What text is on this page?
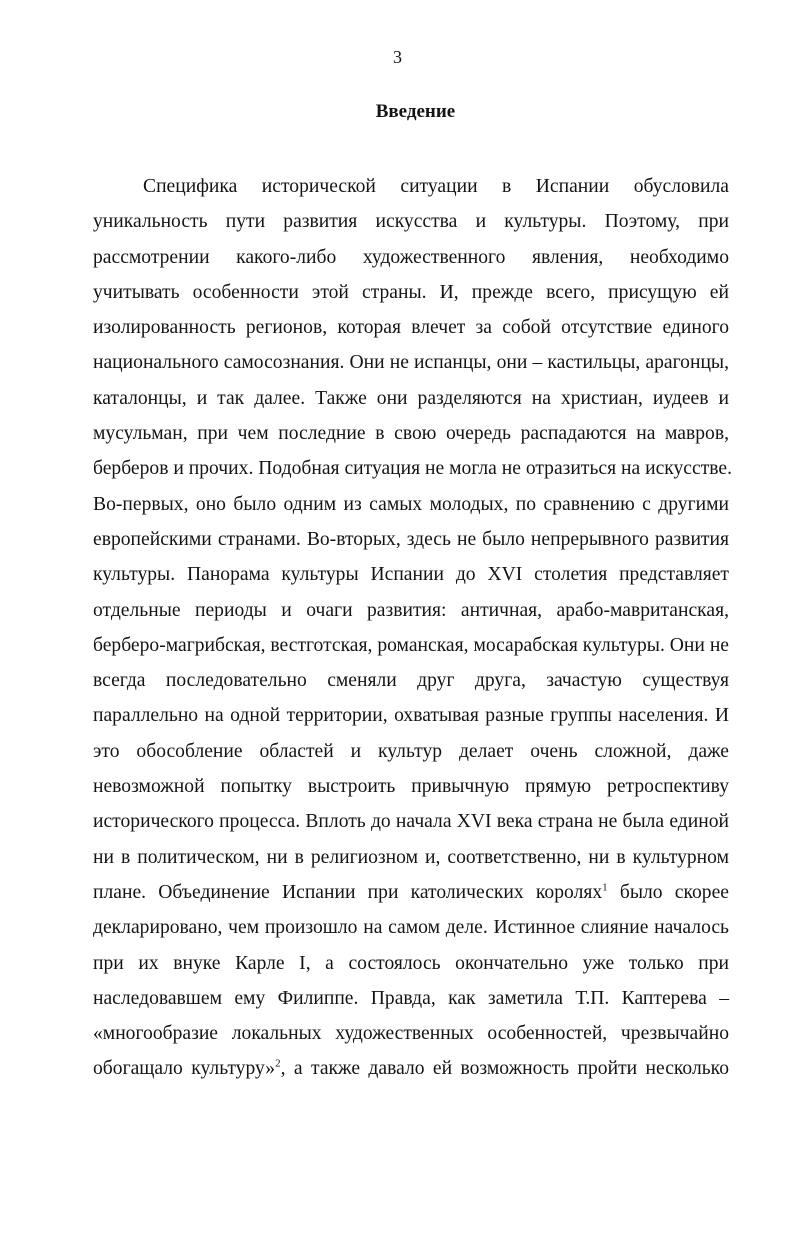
3
Введение
Специфика исторической ситуации в Испании обусловила
уникальность пути развития искусства и культуры. Поэтому, при
рассмотрении какого-либо художественного явления, необходимо
учитывать особенности этой страны. И, прежде всего, присущую ей
изолированность регионов, которая влечет за собой отсутствие единого
национального самосознания. Они не испанцы, они – кастильцы, арагонцы,
каталонцы, и так далее. Также они разделяются на христиан, иудеев и
мусульман, при чем последние в свою очередь распадаются на мавров,
берберов и прочих. Подобная ситуация не могла не отразиться на искусстве.
Во-первых, оно было одним из самых молодых, по сравнению с другими
европейскими странами. Во-вторых, здесь не было непрерывного развития
культуры. Панорама культуры Испании до XVI столетия представляет
отдельные периоды и очаги развития: античная, арабо-мавританская,
берберо-магрибская, вестготская, романская, мосарабская культуры. Они не
всегда последовательно сменяли друг друга, зачастую существуя
параллельно на одной территории, охватывая разные группы населения. И
это обособление областей и культур делает очень сложной, даже
невозможной попытку выстроить привычную прямую ретроспективу
исторического процесса. Вплоть до начала XVI века страна не была единой
ни в политическом, ни в религиозном и, соответственно, ни в культурном
плане. Объединение Испании при католических королях$^1$ было скорее
декларировано, чем произошло на самом деле. Истинное слияние началось
при их внуке Карле I, а состоялось окончательно уже только при
наследовавшем ему Филиппе. Правда, как заметила Т.П. Каптерева –
«многообразие локальных художественных особенностей, чрезвычайно
обогащало культуру»$^2$, а также давало ей возможность пройти несколько
